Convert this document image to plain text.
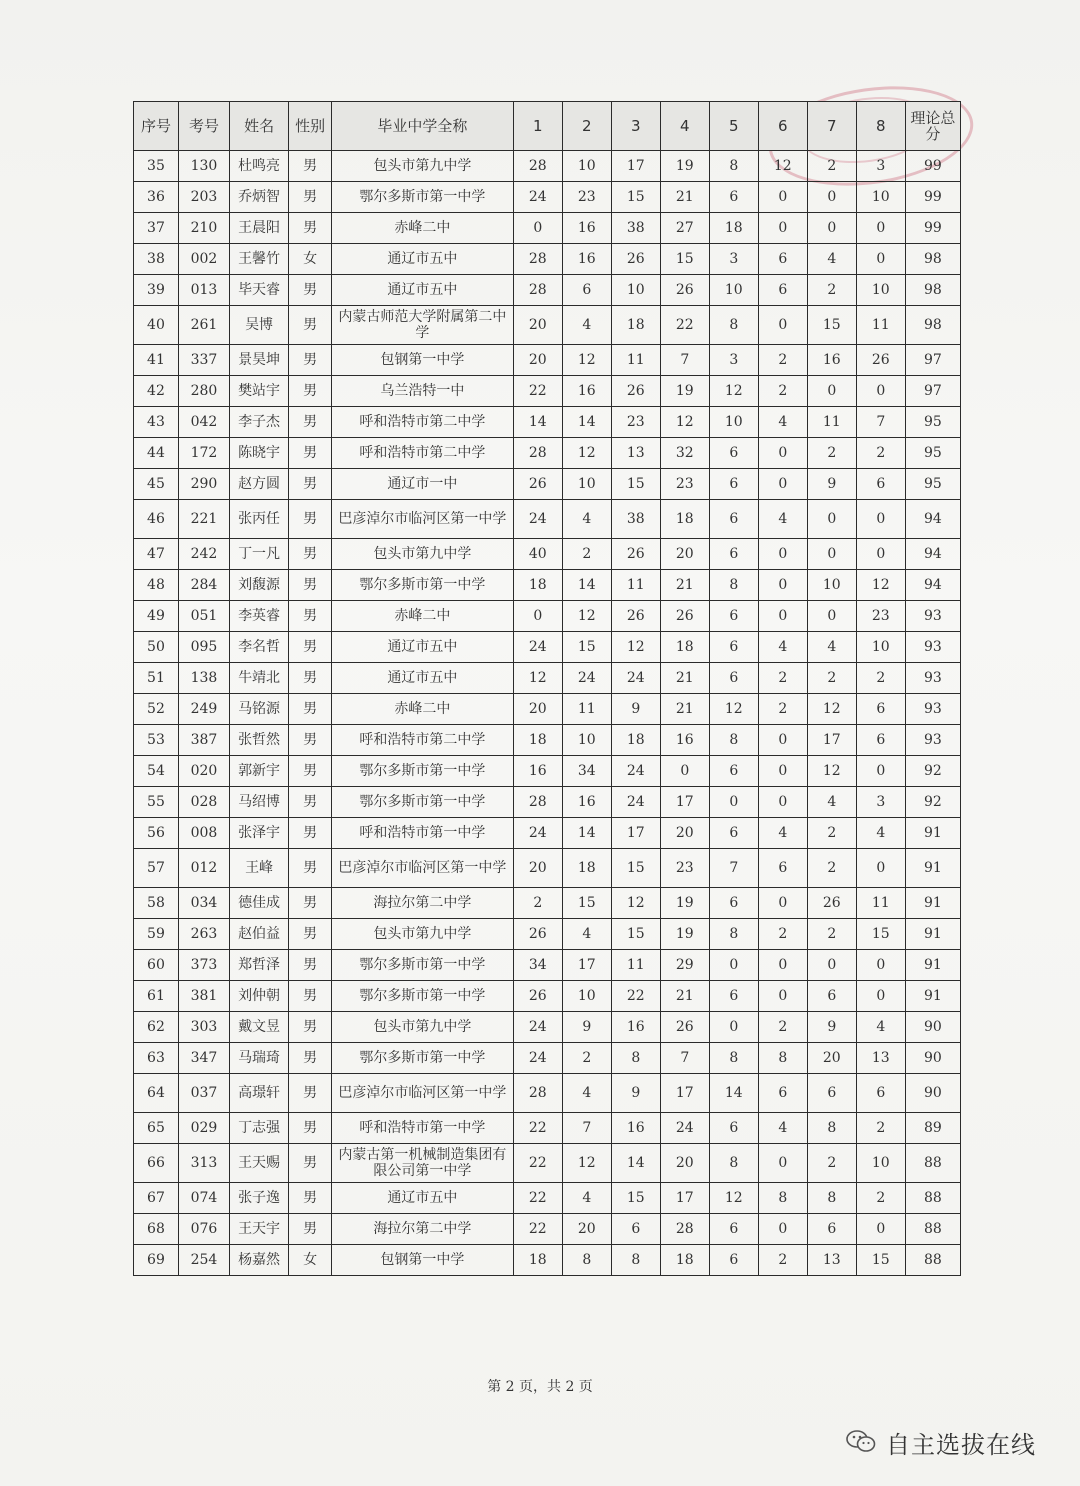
序号	考号	姓名	性别	毕业中学全称	1	2	3	4	5	6	7	8	理论总分
35	130	杜鸣亮	男	包头市第九中学	28	10	17	19	8	12	2	3	99
36	203	乔炳智	男	鄂尔多斯市第一中学	24	23	15	21	6	0	0	10	99
37	210	王晨阳	男	赤峰二中	0	16	38	27	18	0	0	0	99
38	002	王馨竹	女	通辽市五中	28	16	26	15	3	6	4	0	98
39	013	毕天睿	男	通辽市五中	28	6	10	26	10	6	2	10	98
40	261	吴博	男	内蒙古师范大学附属第二中学	20	4	18	22	8	0	15	11	98
41	337	景昊坤	男	包钢第一中学	20	12	11	7	3	2	16	26	97
42	280	樊站宇	男	乌兰浩特一中	22	16	26	19	12	2	0	0	97
43	042	李子杰	男	呼和浩特市第二中学	14	14	23	12	10	4	11	7	95
44	172	陈晓宇	男	呼和浩特市第二中学	28	12	13	32	6	0	2	2	95
45	290	赵方圆	男	通辽市一中	26	10	15	23	6	0	9	6	95
46	221	张丙任	男	巴彦淖尔市临河区第一中学	24	4	38	18	6	4	0	0	94
47	242	丁一凡	男	包头市第九中学	40	2	26	20	6	0	0	0	94
48	284	刘馥源	男	鄂尔多斯市第一中学	18	14	11	21	8	0	10	12	94
49	051	李英睿	男	赤峰二中	0	12	26	26	6	0	0	23	93
50	095	李名哲	男	通辽市五中	24	15	12	18	6	4	4	10	93
51	138	牛靖北	男	通辽市五中	12	24	24	21	6	2	2	2	93
52	249	马铭源	男	赤峰二中	20	11	9	21	12	2	12	6	93
53	387	张哲然	男	呼和浩特市第二中学	18	10	18	16	8	0	17	6	93
54	020	郭新宇	男	鄂尔多斯市第一中学	16	34	24	0	6	0	12	0	92
55	028	马绍博	男	鄂尔多斯市第一中学	28	16	24	17	0	0	4	3	92
56	008	张泽宇	男	呼和浩特市第一中学	24	14	17	20	6	4	2	4	91
57	012	王峰	男	巴彦淖尔市临河区第一中学	20	18	15	23	7	6	2	0	91
58	034	德佳成	男	海拉尔第二中学	2	15	12	19	6	0	26	11	91
59	263	赵伯益	男	包头市第九中学	26	4	15	19	8	2	2	15	91
60	373	郑哲泽	男	鄂尔多斯市第一中学	34	17	11	29	0	0	0	0	91
61	381	刘仲朝	男	鄂尔多斯市第一中学	26	10	22	21	6	0	6	0	91
62	303	戴文昱	男	包头市第九中学	24	9	16	26	0	2	9	4	90
63	347	马瑞琦	男	鄂尔多斯市第一中学	24	2	8	7	8	8	20	13	90
64	037	高璟轩	男	巴彦淖尔市临河区第一中学	28	4	9	17	14	6	6	6	90
65	029	丁志强	男	呼和浩特市第一中学	22	7	16	24	6	4	8	2	89
66	313	王天赐	男	内蒙古第一机械制造集团有限公司第一中学	22	12	14	20	8	0	2	10	88
67	074	张子逸	男	通辽市五中	22	4	15	17	12	8	8	2	88
68	076	王天宇	男	海拉尔第二中学	22	20	6	28	6	0	6	0	88
69	254	杨嘉然	女	包钢第一中学	18	8	8	18	6	2	13	15	88
第 2 页，共 2 页
自主选拔在线
